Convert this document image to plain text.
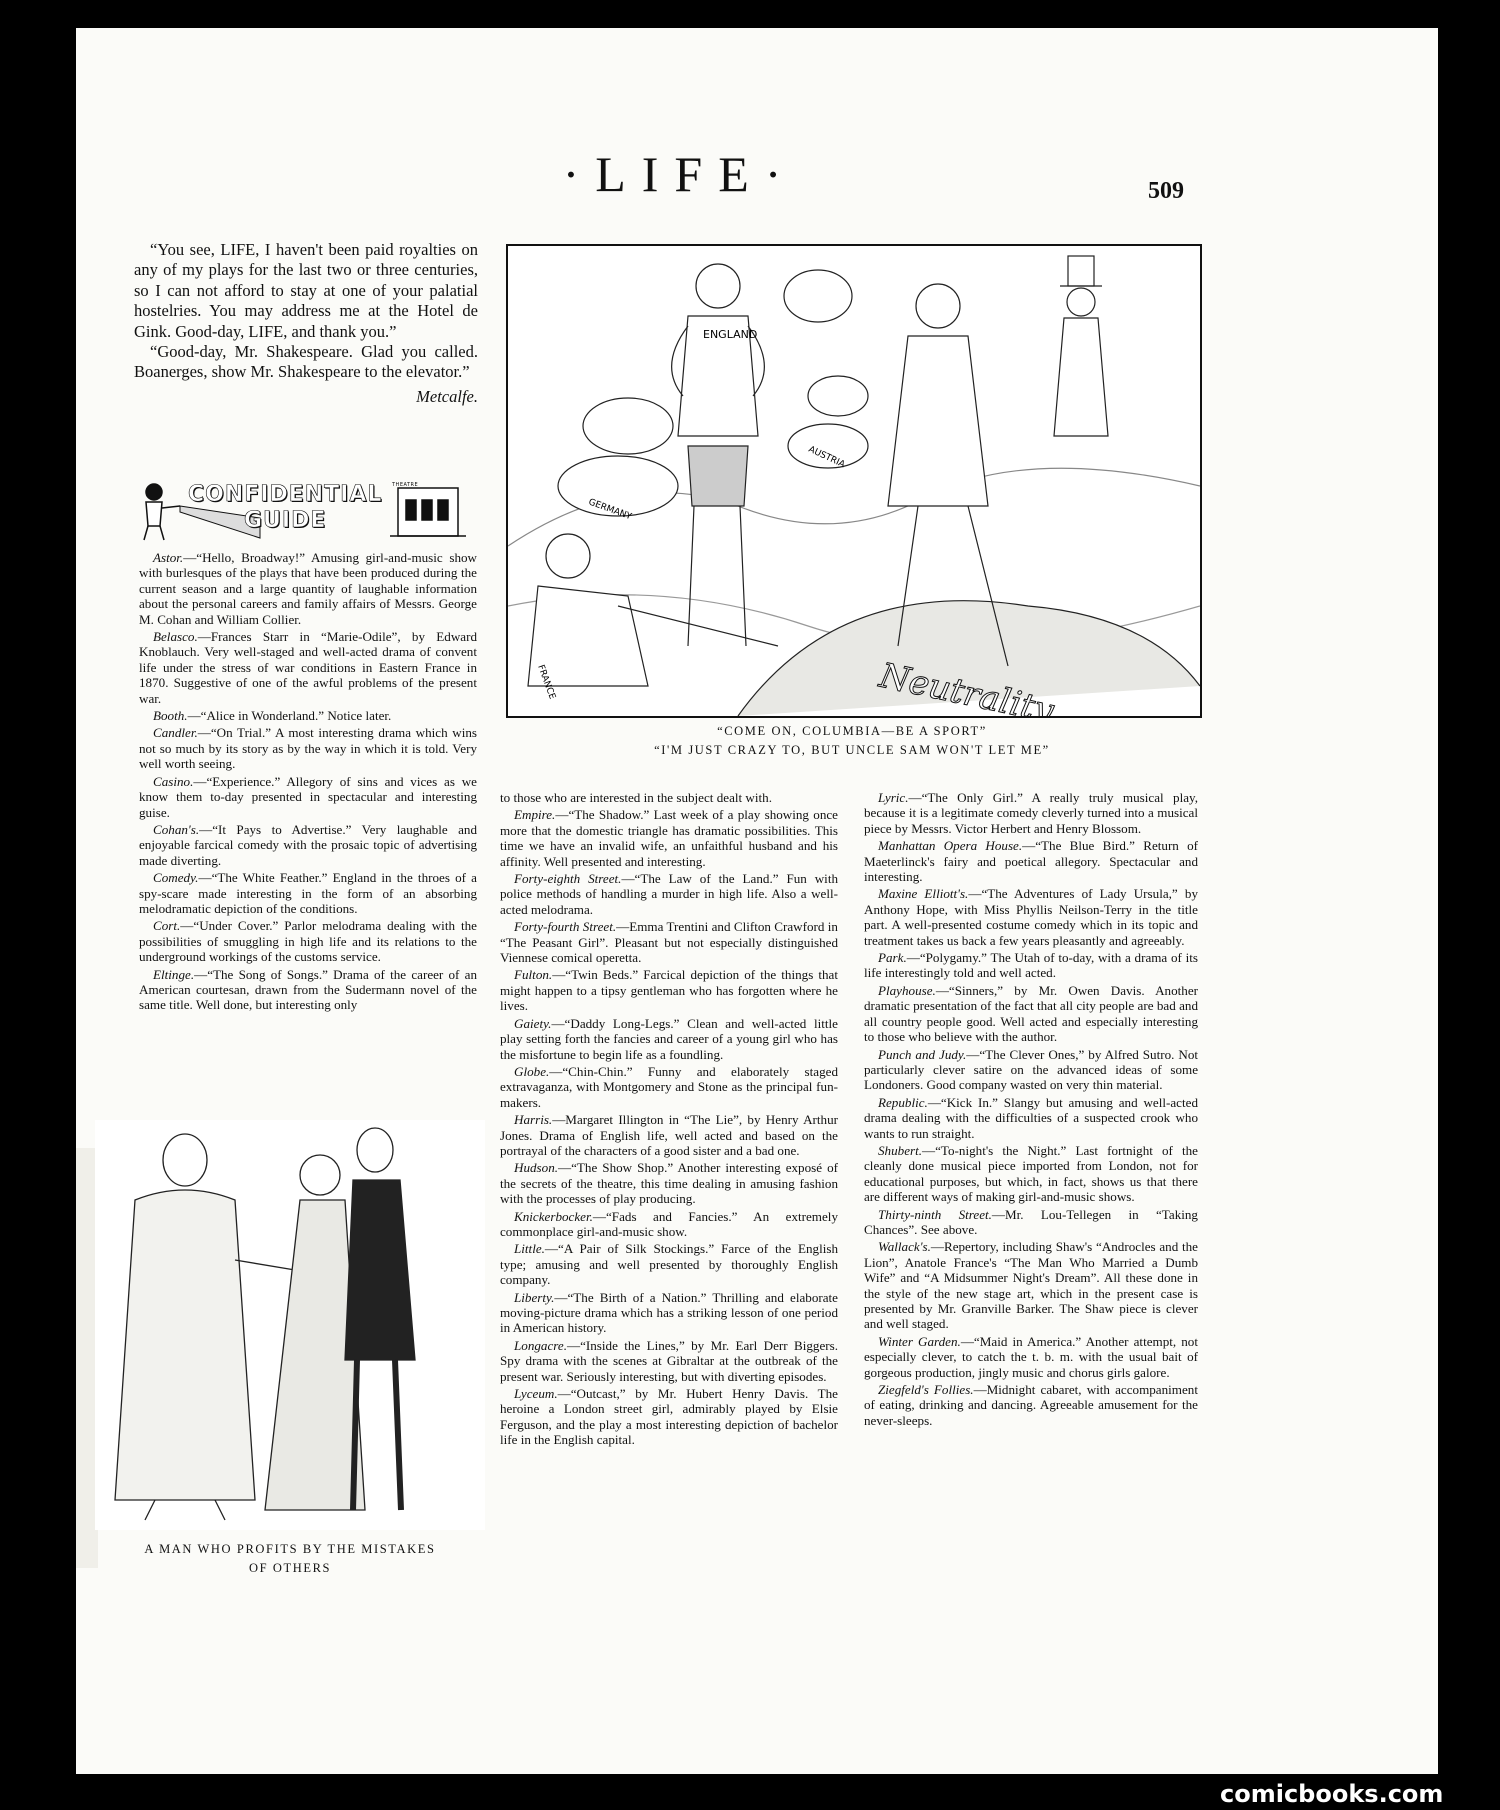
·LIFE·	509

“You see, LIFE, I haven't been paid royalties on any of my plays for the last two or three centuries, so I can not afford to stay at one of your palatial hostelries. You may address me at the Hotel de Gink. Good-day, LIFE, and thank you.”

“Good-day, Mr. Shakespeare. Glad you called. Boanerges, show Mr. Shakespeare to the elevator.”

Metcalfe.

CONFIDENTIAL
GUIDE
THEATRE

Astor.—“Hello, Broadway!” Amusing girl-and-music show with burlesques of the plays that have been produced during the current season and a large quantity of laughable information about the personal careers and family affairs of Messrs. George M. Cohan and William Collier.

Belasco.—Frances Starr in “Marie-Odile”, by Edward Knoblauch. Very well-staged and well-acted drama of convent life under the stress of war conditions in Eastern France in 1870. Suggestive of one of the awful problems of the present war.

Booth.—“Alice in Wonderland.” Notice later.

Candler.—“On Trial.” A most interesting drama which wins not so much by its story as by the way in which it is told. Very well worth seeing.

Casino.—“Experience.” Allegory of sins and vices as we know them to-day presented in spectacular and interesting guise.

Cohan's.—“It Pays to Advertise.” Very laughable and enjoyable farcical comedy with the prosaic topic of advertising made diverting.

Comedy.—“The White Feather.” England in the throes of a spy-scare made interesting in the form of an absorbing melodramatic depiction of the conditions.

Cort.—“Under Cover.” Parlor melodrama dealing with the possibilities of smuggling in high life and its relations to the underground workings of the customs service.

Eltinge.—“The Song of Songs.” Drama of the career of an American courtesan, drawn from the Sudermann novel of the same title. Well done, but interesting only

to those who are interested in the subject dealt with.

Empire.—“The Shadow.” Last week of a play showing once more that the domestic triangle has dramatic possibilities. This time we have an invalid wife, an unfaithful husband and his affinity. Well presented and interesting.

Forty-eighth Street.—“The Law of the Land.” Fun with police methods of handling a murder in high life. Also a well-acted melodrama.

Forty-fourth Street.—Emma Trentini and Clifton Crawford in “The Peasant Girl”. Pleasant but not especially distinguished Viennese comical operetta.

Fulton.—“Twin Beds.” Farcical depiction of the things that might happen to a tipsy gentleman who has forgotten where he lives.

Gaiety.—“Daddy Long-Legs.” Clean and well-acted little play setting forth the fancies and career of a young girl who has the misfortune to begin life as a foundling.

Globe.—“Chin-Chin.” Funny and elaborately staged extravaganza, with Montgomery and Stone as the principal fun-makers.

Harris.—Margaret Illington in “The Lie”, by Henry Arthur Jones. Drama of English life, well acted and based on the portrayal of the characters of a good sister and a bad one.

Hudson.—“The Show Shop.” Another interesting exposé of the secrets of the theatre, this time dealing in amusing fashion with the processes of play producing.

Knickerbocker.—“Fads and Fancies.” An extremely commonplace girl-and-music show.

Little.—“A Pair of Silk Stockings.” Farce of the English type; amusing and well presented by thoroughly English company.

Liberty.—“The Birth of a Nation.” Thrilling and elaborate moving-picture drama which has a striking lesson of one period in American history.

Longacre.—“Inside the Lines,” by Mr. Earl Derr Biggers. Spy drama with the scenes at Gibraltar at the outbreak of the present war. Seriously interesting, but with diverting episodes.

Lyceum.—“Outcast,” by Mr. Hubert Henry Davis. The heroine a London street girl, admirably played by Elsie Ferguson, and the play a most interesting depiction of bachelor life in the English capital.

Lyric.—“The Only Girl.” A really truly musical play, because it is a legitimate comedy cleverly turned into a musical piece by Messrs. Victor Herbert and Henry Blossom.

Manhattan Opera House.—“The Blue Bird.” Return of Maeterlinck's fairy and poetical allegory. Spectacular and interesting.

Maxine Elliott's.—“The Adventures of Lady Ursula,” by Anthony Hope, with Miss Phyllis Neilson-Terry in the title part. A well-presented costume comedy which in its topic and treatment takes us back a few years pleasantly and agreeably.

Park.—“Polygamy.” The Utah of to-day, with a drama of its life interestingly told and well acted.

Playhouse.—“Sinners,” by Mr. Owen Davis. Another dramatic presentation of the fact that all city people are bad and all country people good. Well acted and especially interesting to those who believe with the author.

Punch and Judy.—“The Clever Ones,” by Alfred Sutro. Not particularly clever satire on the advanced ideas of some Londoners. Good company wasted on very thin material.

Republic.—“Kick In.” Slangy but amusing and well-acted drama dealing with the difficulties of a suspected crook who wants to run straight.

Shubert.—“To-night's the Night.” Last fortnight of the cleanly done musical piece imported from London, not for educational purposes, but which, in fact, shows us that there are different ways of making girl-and-music shows.

Thirty-ninth Street.—Mr. Lou-Tellegen in “Taking Chances”. See above.

Wallack's.—Repertory, including Shaw's “Androcles and the Lion”, Anatole France's “The Man Who Married a Dumb Wife” and “A Midsummer Night's Dream”. All these done in the style of the new stage art, which in the present case is presented by Mr. Granville Barker. The Shaw piece is clever and well staged.

Winter Garden.—“Maid in America.” Another attempt, not especially clever, to catch the t. b. m. with the usual bait of gorgeous production, jingly music and chorus girls galore.

Ziegfeld's Follies.—Midnight cabaret, with accompaniment of eating, drinking and dancing. Agreeable amusement for the never-sleeps.

ENGLAND
GERMANY
AUSTRIA
FRANCE	Neutrality
“COME ON, COLUMBIA—BE A SPORT”
“I'M JUST CRAZY TO, BUT UNCLE SAM WON'T LET ME”
A MAN WHO PROFITS BY THE MISTAKES
OF OTHERS
comicbooks.com
